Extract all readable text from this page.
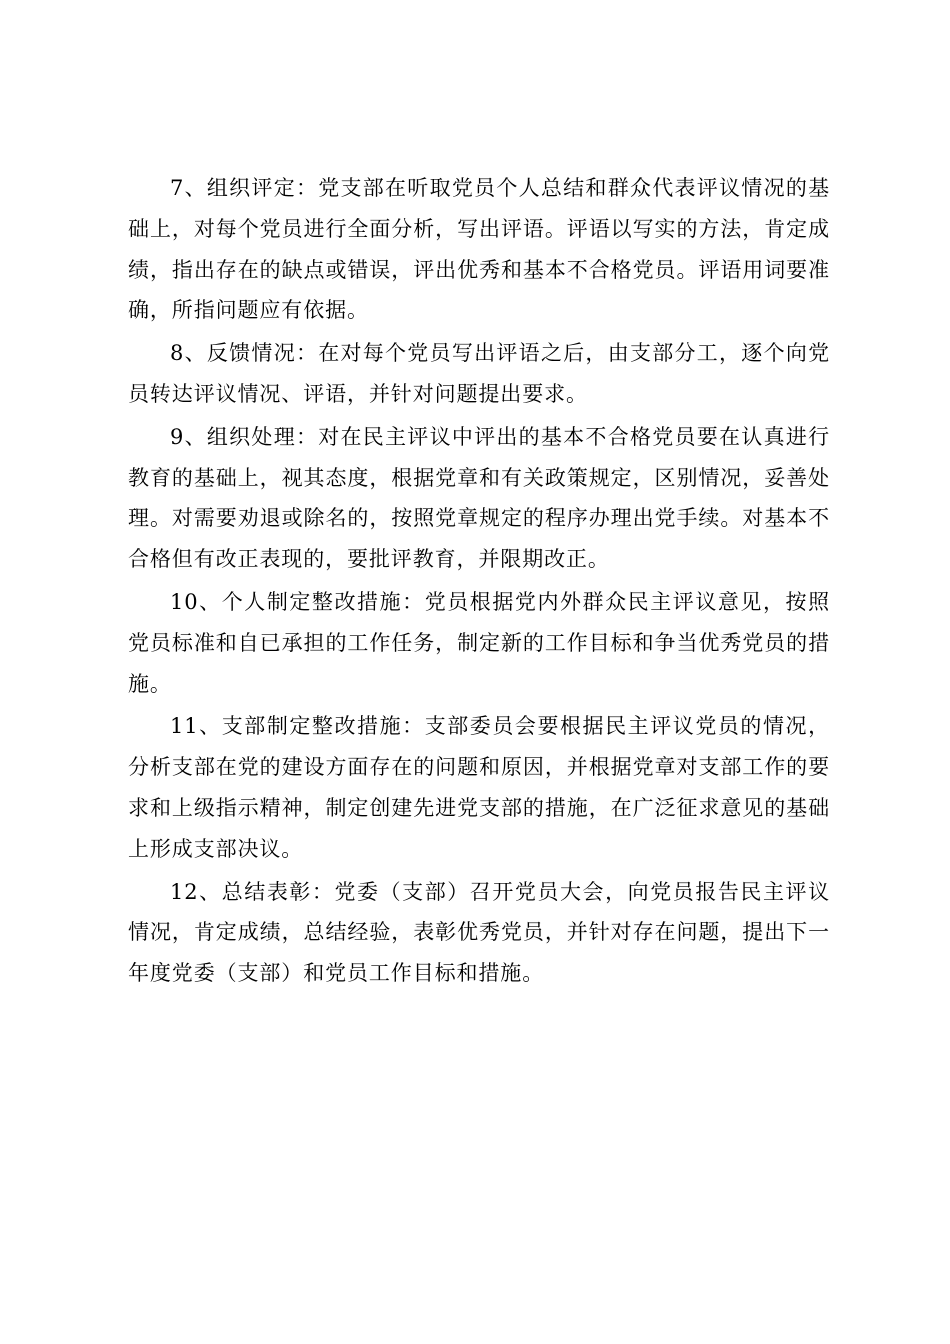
7、组织评定：党支部在听取党员个人总结和群众代表评议情况的基础上，对每个党员进行全面分析，写出评语。评语以写实的方法，肯定成绩，指出存在的缺点或错误，评出优秀和基本不合格党员。评语用词要准确，所指问题应有依据。

8、反馈情况：在对每个党员写出评语之后，由支部分工，逐个向党员转达评议情况、评语，并针对问题提出要求。

9、组织处理：对在民主评议中评出的基本不合格党员要在认真进行教育的基础上，视其态度，根据党章和有关政策规定，区别情况，妥善处理。对需要劝退或除名的，按照党章规定的程序办理出党手续。对基本不合格但有改正表现的，要批评教育，并限期改正。

10、个人制定整改措施：党员根据党内外群众民主评议意见，按照党员标准和自已承担的工作任务，制定新的工作目标和争当优秀党员的措施。

11、支部制定整改措施：支部委员会要根据民主评议党员的情况，分析支部在党的建设方面存在的问题和原因，并根据党章对支部工作的要求和上级指示精神，制定创建先进党支部的措施，在广泛征求意见的基础上形成支部决议。

12、总结表彰：党委（支部）召开党员大会，向党员报告民主评议情况，肯定成绩，总结经验，表彰优秀党员，并针对存在问题，提出下一年度党委（支部）和党员工作目标和措施。
